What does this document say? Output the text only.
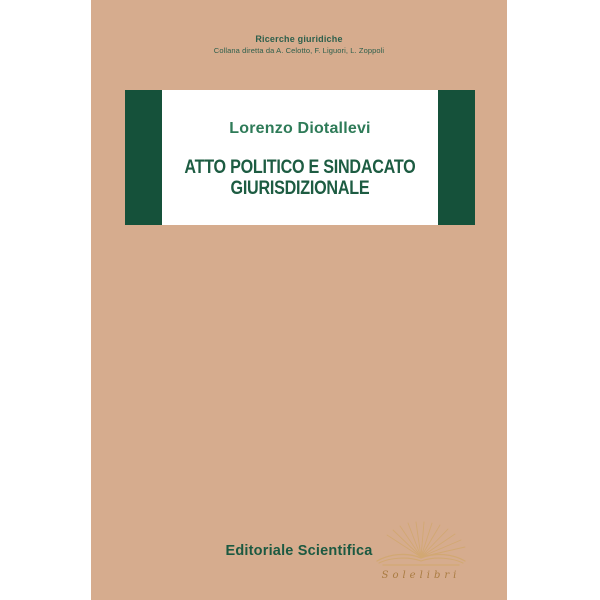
Ricerche giuridiche
Collana diretta da A. Celotto, F. Liguori, L. Zoppoli
Lorenzo Diotallevi
ATTO POLITICO E SINDACATO
GIURISDIZIONALE
Editoriale Scientifica
Solelibri
